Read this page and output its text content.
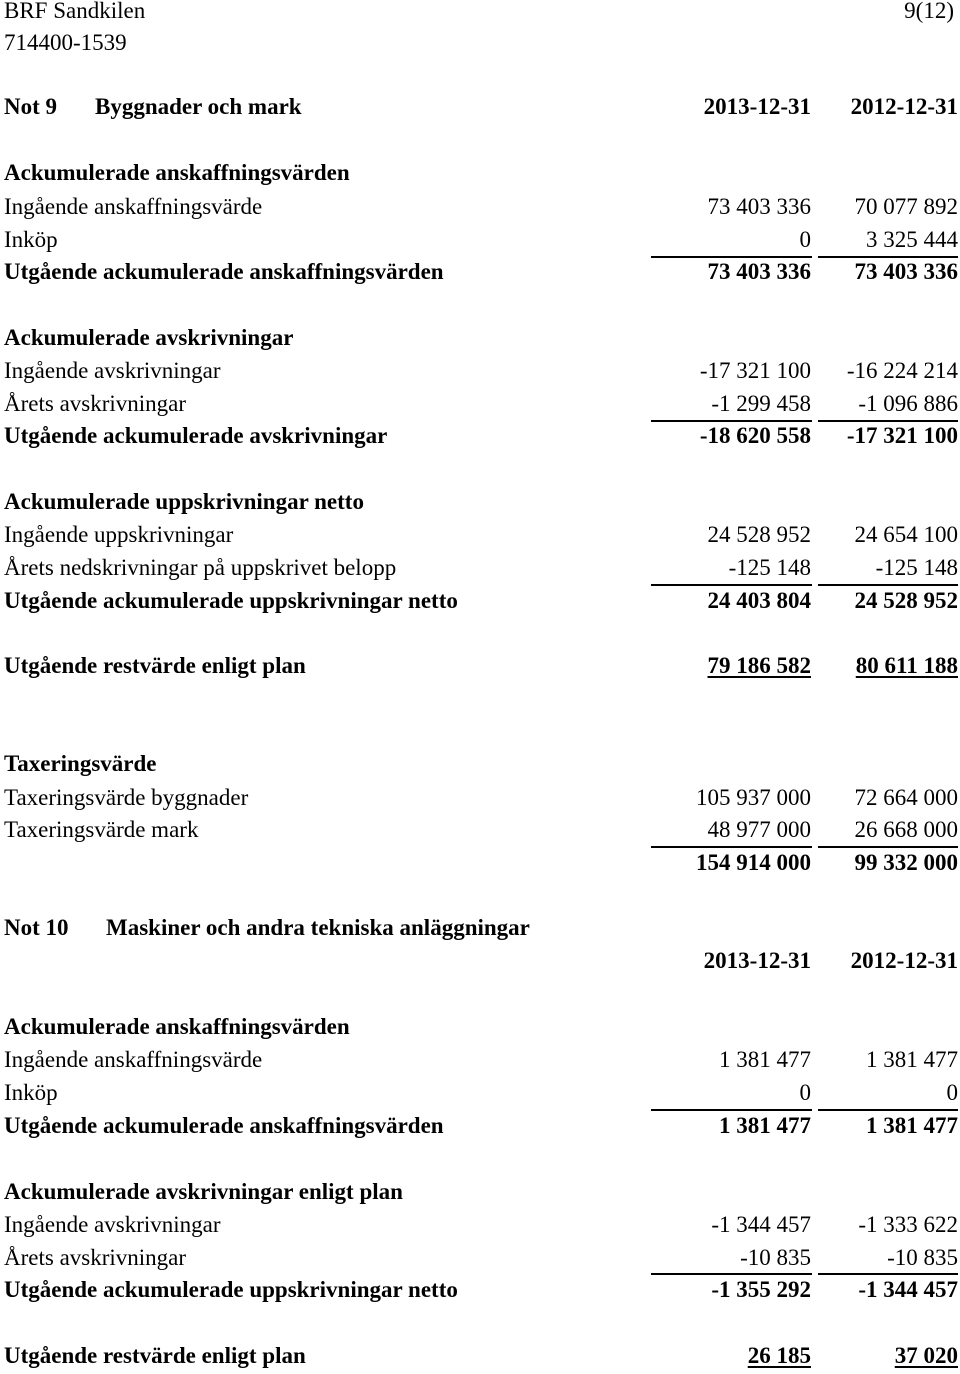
BRF Sandkilen
714400-1539
9(12)
Not 9 Byggnader och mark	2013-12-31	2012-12-31
Ackumulerade anskaffningsvärden
Ingående anskaffningsvärde	73 403 336	70 077 892
Inköp	0	3 325 444
Utgående ackumulerade anskaffningsvärden	73 403 336	73 403 336
Ackumulerade avskrivningar
Ingående avskrivningar	-17 321 100	-16 224 214
Årets avskrivningar	-1 299 458	-1 096 886
Utgående ackumulerade avskrivningar	-18 620 558	-17 321 100
Ackumulerade uppskrivningar netto
Ingående uppskrivningar	24 528 952	24 654 100
Årets nedskrivningar på uppskrivet belopp	-125 148	-125 148
Utgående ackumulerade uppskrivningar netto	24 403 804	24 528 952
Utgående restvärde enligt plan	79 186 582	80 611 188
Taxeringsvärde
Taxeringsvärde byggnader	105 937 000	72 664 000
Taxeringsvärde mark	48 977 000	26 668 000
154 914 000	99 332 000
Not 10 Maskiner och andra tekniska anläggningar
2013-12-31	2012-12-31
Ackumulerade anskaffningsvärden
Ingående anskaffningsvärde	1 381 477	1 381 477
Inköp	0	0
Utgående ackumulerade anskaffningsvärden	1 381 477	1 381 477
Ackumulerade avskrivningar enligt plan
Ingående avskrivningar	-1 344 457	-1 333 622
Årets avskrivningar	-10 835	-10 835
Utgående ackumulerade uppskrivningar netto	-1 355 292	-1 344 457
Utgående restvärde enligt plan	26 185	37 020
